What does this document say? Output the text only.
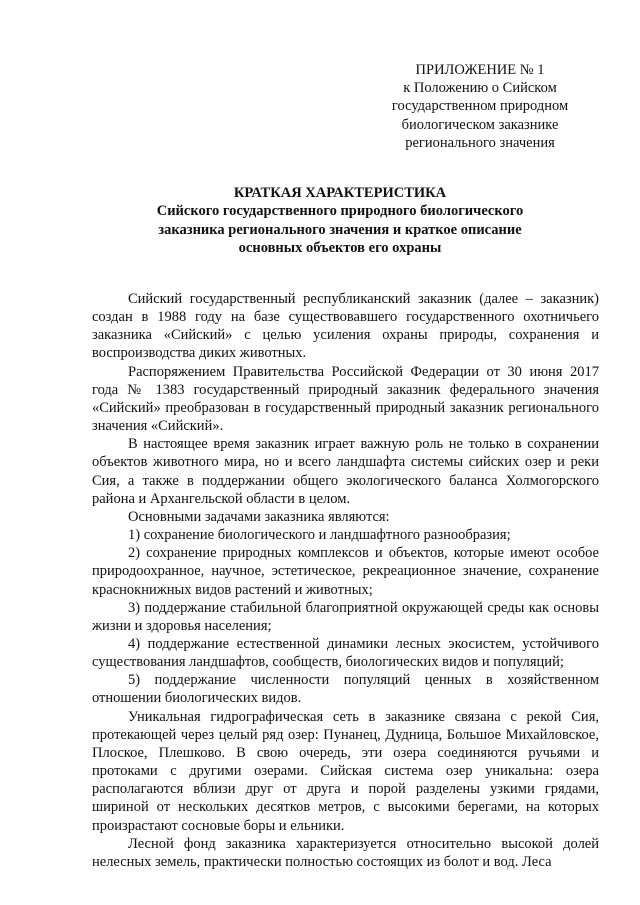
ПРИЛОЖЕНИЕ № 1
к Положению о Сийском
государственном природном
биологическом заказнике
регионального значения
КРАТКАЯ ХАРАКТЕРИСТИКА
Сийского государственного природного биологического
заказника регионального значения и краткое описание
основных объектов его охраны

Сийский государственный республиканский заказник (далее – заказник) создан в 1988 году на базе существовавшего государственного охотничьего заказника «Сийский» с целью усиления охраны природы, сохранения и воспроизводства диких животных.

Распоряжением Правительства Российской Федерации от 30 июня 2017 года № 1383 государственный природный заказник федерального значения «Сийский» преобразован в государственный природный заказник регионального значения «Сийский».

В настоящее время заказник играет важную роль не только в сохранении объектов животного мира, но и всего ландшафта системы сийских озер и реки Сия, а также в поддержании общего экологического баланса Холмогорского района и Архангельской области в целом.

Основными задачами заказника являются:

1) сохранение биологического и ландшафтного разнообразия;

2) сохранение природных комплексов и объектов, которые имеют особое природоохранное, научное, эстетическое, рекреационное значение, сохранение краснокнижных видов растений и животных;

3) поддержание стабильной благоприятной окружающей среды как основы жизни и здоровья населения;

4) поддержание естественной динамики лесных экосистем, устойчивого существования ландшафтов, сообществ, биологических видов и популяций;

5) поддержание численности популяций ценных в хозяйственном отношении биологических видов.

Уникальная гидрографическая сеть в заказнике связана с рекой Сия, протекающей через целый ряд озер: Пунанец, Дудница, Большое Михайловское, Плоское, Плешково. В свою очередь, эти озера соединяются ручьями и протоками с другими озерами. Сийская система озер уникальна: озера располагаются вблизи друг от друга и порой разделены узкими грядами, шириной от нескольких десятков метров, с высокими берегами, на которых произрастают сосновые боры и ельники.

Лесной фонд заказника характеризуется относительно высокой долей нелесных земель, практически полностью состоящих из болот и вод. Леса
